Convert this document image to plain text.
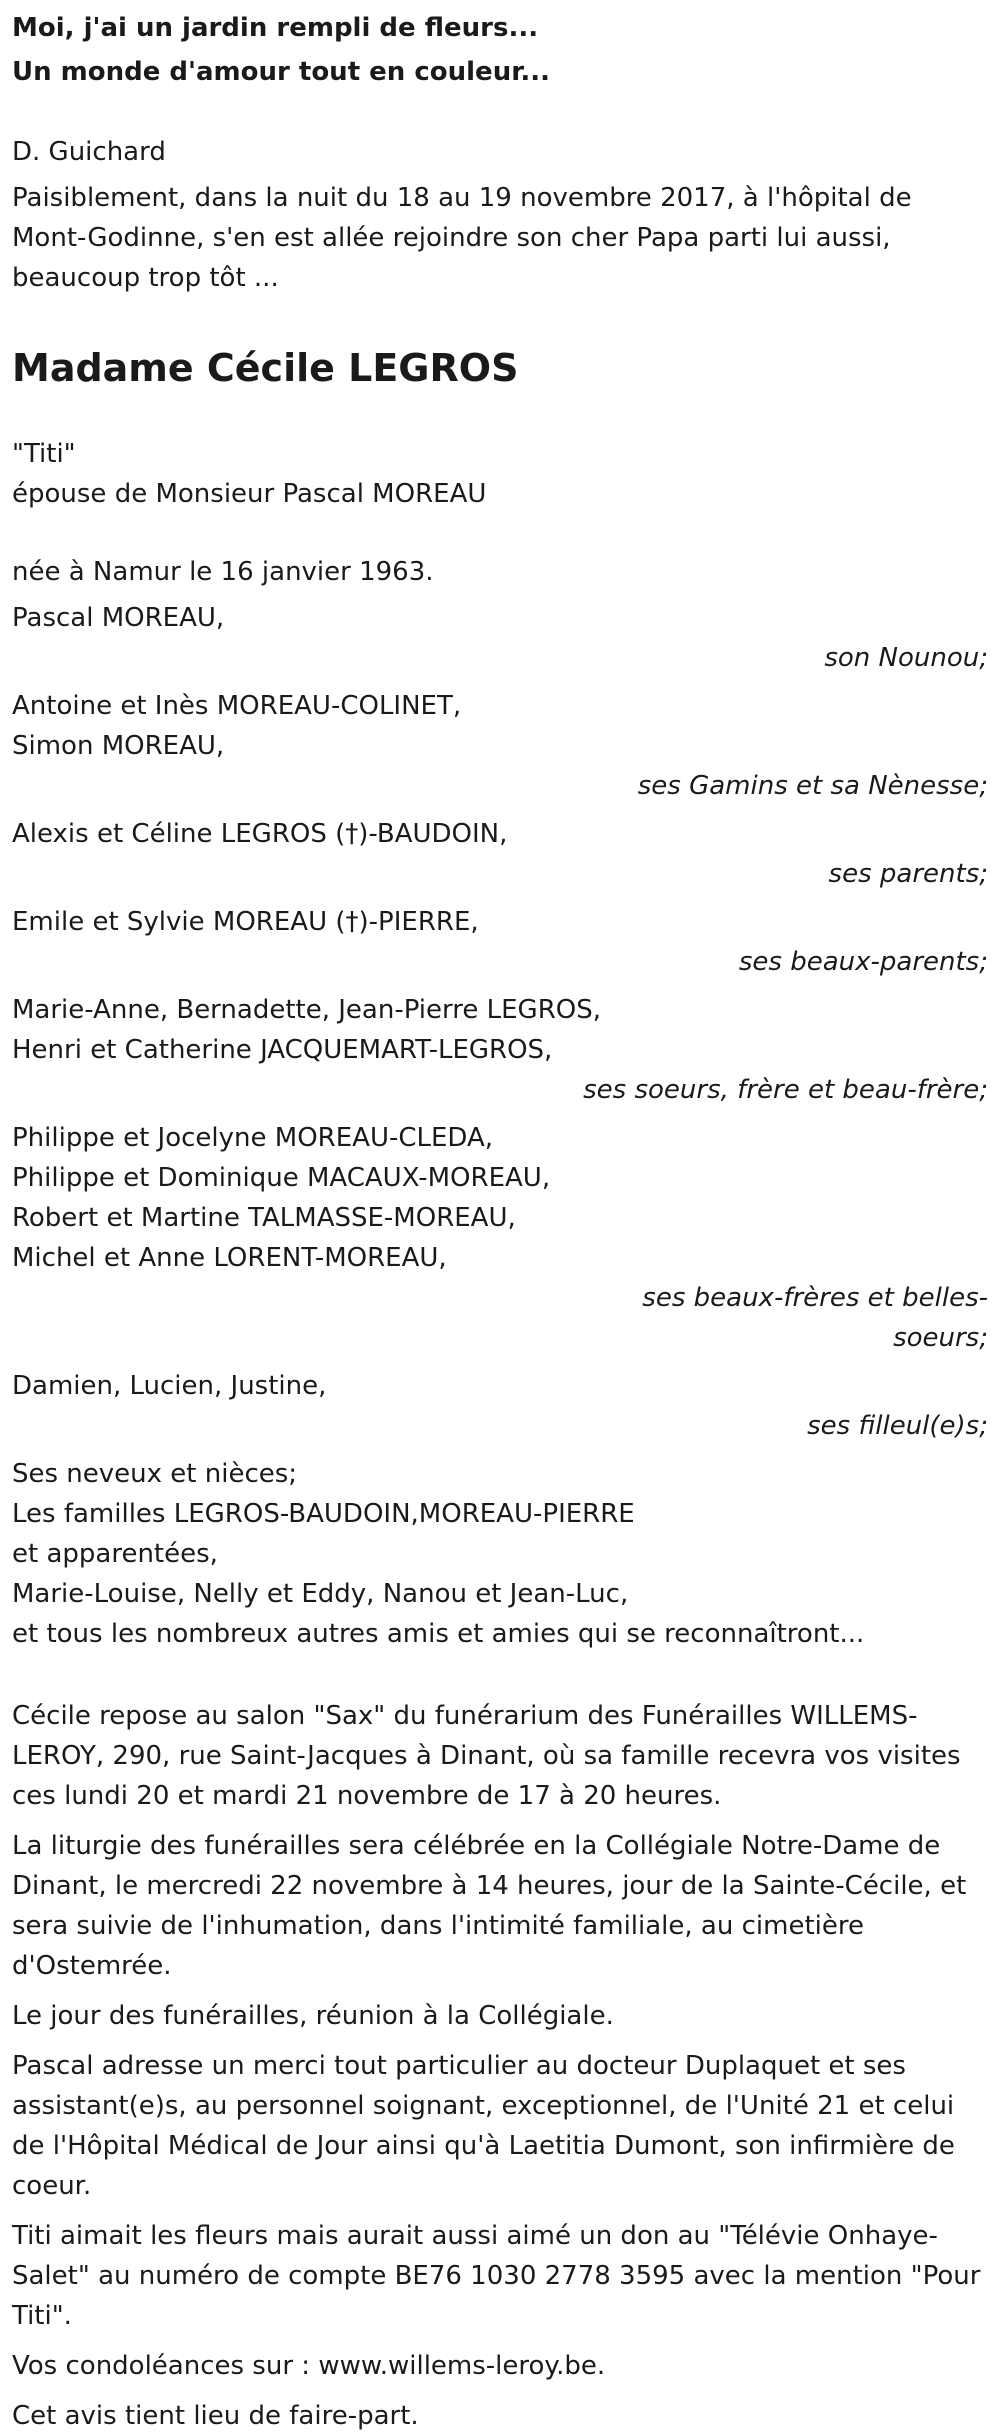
Moi, j'ai un jardin rempli de fleurs...
Un monde d'amour tout en couleur...

D. Guichard

Paisiblement, dans la nuit du 18 au 19 novembre 2017, à l'hôpital de Mont-Godinne, s'en est allée rejoindre son cher Papa parti lui aussi, beaucoup trop tôt ...

Madame Cécile LEGROS

"Titi"

épouse de Monsieur Pascal MOREAU

née à Namur le 16 janvier 1963.

Pascal MOREAU,
son Nounou;
Antoine et Inès MOREAU-COLINET,
Simon MOREAU,
ses Gamins et sa Nènesse;
Alexis et Céline LEGROS (†)-BAUDOIN,
ses parents;
Emile et Sylvie MOREAU (†)-PIERRE,
ses beaux-parents;
Marie-Anne, Bernadette, Jean-Pierre LEGROS,
Henri et Catherine JACQUEMART-LEGROS,
ses soeurs, frère et beau-frère;
Philippe et Jocelyne MOREAU-CLEDA,
Philippe et Dominique MACAUX-MOREAU,
Robert et Martine TALMASSE-MOREAU,
Michel et Anne LORENT-MOREAU,
ses beaux-frères et belles-soeurs;
Damien, Lucien, Justine,
ses filleul(e)s;
Ses neveux et nièces;
Les familles LEGROS-BAUDOIN,MOREAU-PIERRE
et apparentées,
Marie-Louise, Nelly et Eddy, Nanou et Jean-Luc,
et tous les nombreux autres amis et amies qui se reconnaîtront...

Cécile repose au salon "Sax" du funérarium des Funérailles WILLEMS-LEROY, 290, rue Saint-Jacques à Dinant, où sa famille recevra vos visites ces lundi 20 et mardi 21 novembre de 17 à 20 heures.

La liturgie des funérailles sera célébrée en la Collégiale Notre-Dame de Dinant, le mercredi 22 novembre à 14 heures, jour de la Sainte-Cécile, et sera suivie de l'inhumation, dans l'intimité familiale, au cimetière d'Ostemrée.

Le jour des funérailles, réunion à la Collégiale.

Pascal adresse un merci tout particulier au docteur Duplaquet et ses assistant(e)s, au personnel soignant, exceptionnel, de l'Unité 21 et celui de l'Hôpital Médical de Jour ainsi qu'à Laetitia Dumont, son infirmière de coeur.

Titi aimait les fleurs mais aurait aussi aimé un don au "Télévie Onhaye-Salet" au numéro de compte BE76 1030 2778 3595 avec la mention "Pour Titi".

Vos condoléances sur : www.willems-leroy.be.

Cet avis tient lieu de faire-part.
